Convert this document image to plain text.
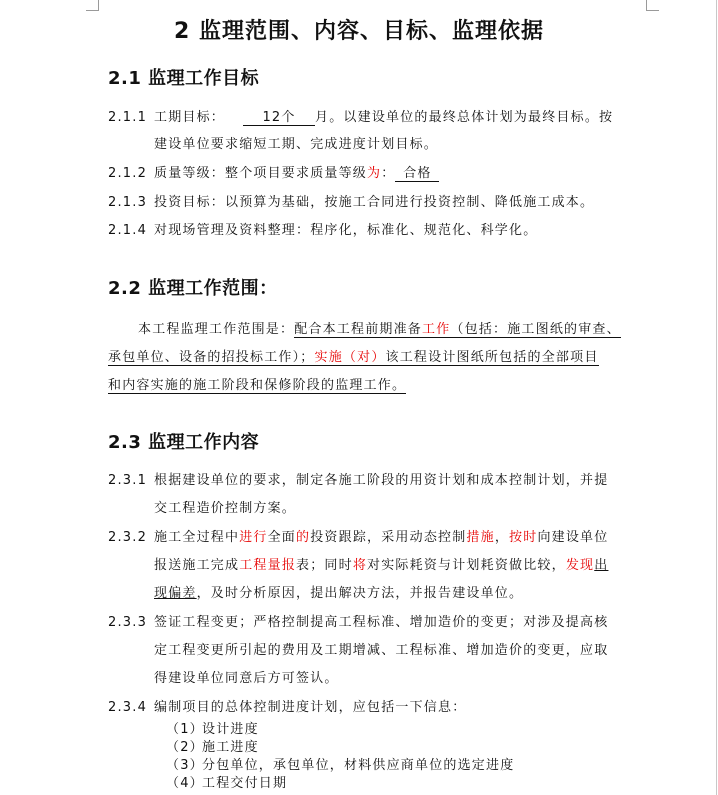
2 监理范围、内容、目标、监理依据
2.1 监理工作目标
2.1.1 工期目标：	12个 月。以建设单位的最终总体计划为最终目标。按
建设单位要求缩短工期、完成进度计划目标。
2.1.2 质量等级：整个项目要求质量等级为： 合格
2.1.3 投资目标：以预算为基础，按施工合同进行投资控制、降低施工成本。
2.1.4 对现场管理及资料整理：程序化，标准化、规范化、科学化。
2.2 监理工作范围：
本工程监理工作范围是：配合本工程前期准备工作（包括：施工图纸的审查、
承包单位、设备的招投标工作）；实施（对）该工程设计图纸所包括的全部项目
和内容实施的施工阶段和保修阶段的监理工作。
2.3 监理工作内容
2.3.1 根据建设单位的要求，制定各施工阶段的用资计划和成本控制计划，并提
交工程造价控制方案。
2.3.2 施工全过程中进行全面的投资跟踪，采用动态控制措施，按时向建设单位
报送施工完成工程量报表；同时将对实际耗资与计划耗资做比较，发现出
现偏差，及时分析原因，提出解决方法，并报告建设单位。
2.3.3 签证工程变更；严格控制提高工程标准、增加造价的变更；对涉及提高核
定工程变更所引起的费用及工期增减、工程标准、增加造价的变更，应取
得建设单位同意后方可签认。
2.3.4 编制项目的总体控制进度计划，应包括一下信息：
（1）设计进度
（2）施工进度
（3）分包单位，承包单位，材料供应商单位的选定进度
（4）工程交付日期
